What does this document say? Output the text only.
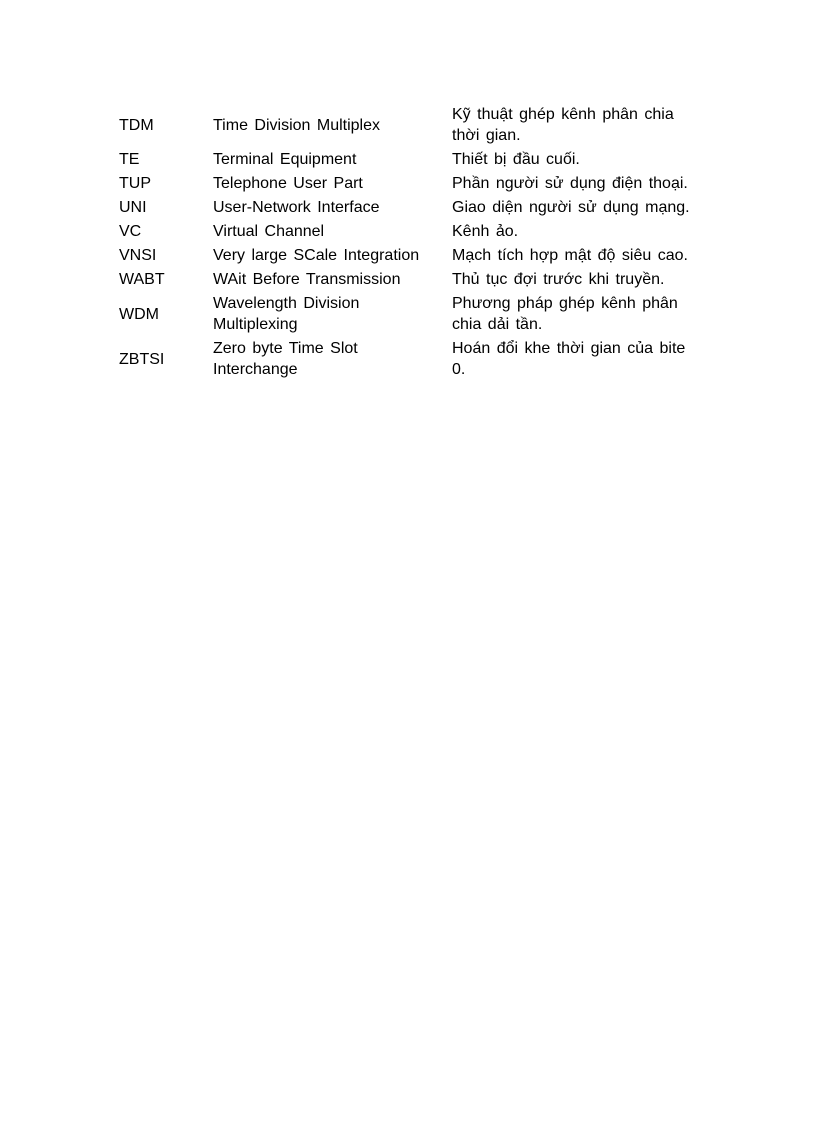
TDM	Time Division Multiplex	Kỹ thuật ghép kênh phân chia thời gian.
TE	Terminal Equipment	Thiết bị đầu cuối.
TUP	Telephone User Part	Phần người sử dụng điện thoại.
UNI	User-Network Interface	Giao diện người sử dụng mạng.
VC	Virtual Channel	Kênh ảo.
VNSI	Very large SCale Integration	Mạch tích hợp mật độ siêu cao.
WABT	WAit Before Transmission	Thủ tục đợi trước khi truyền.
WDM	Wavelength Division Multiplexing	Phương pháp ghép kênh phân chia dải tần.
ZBTSI	Zero byte Time Slot Interchange	Hoán đổi khe thời gian của bite 0.
